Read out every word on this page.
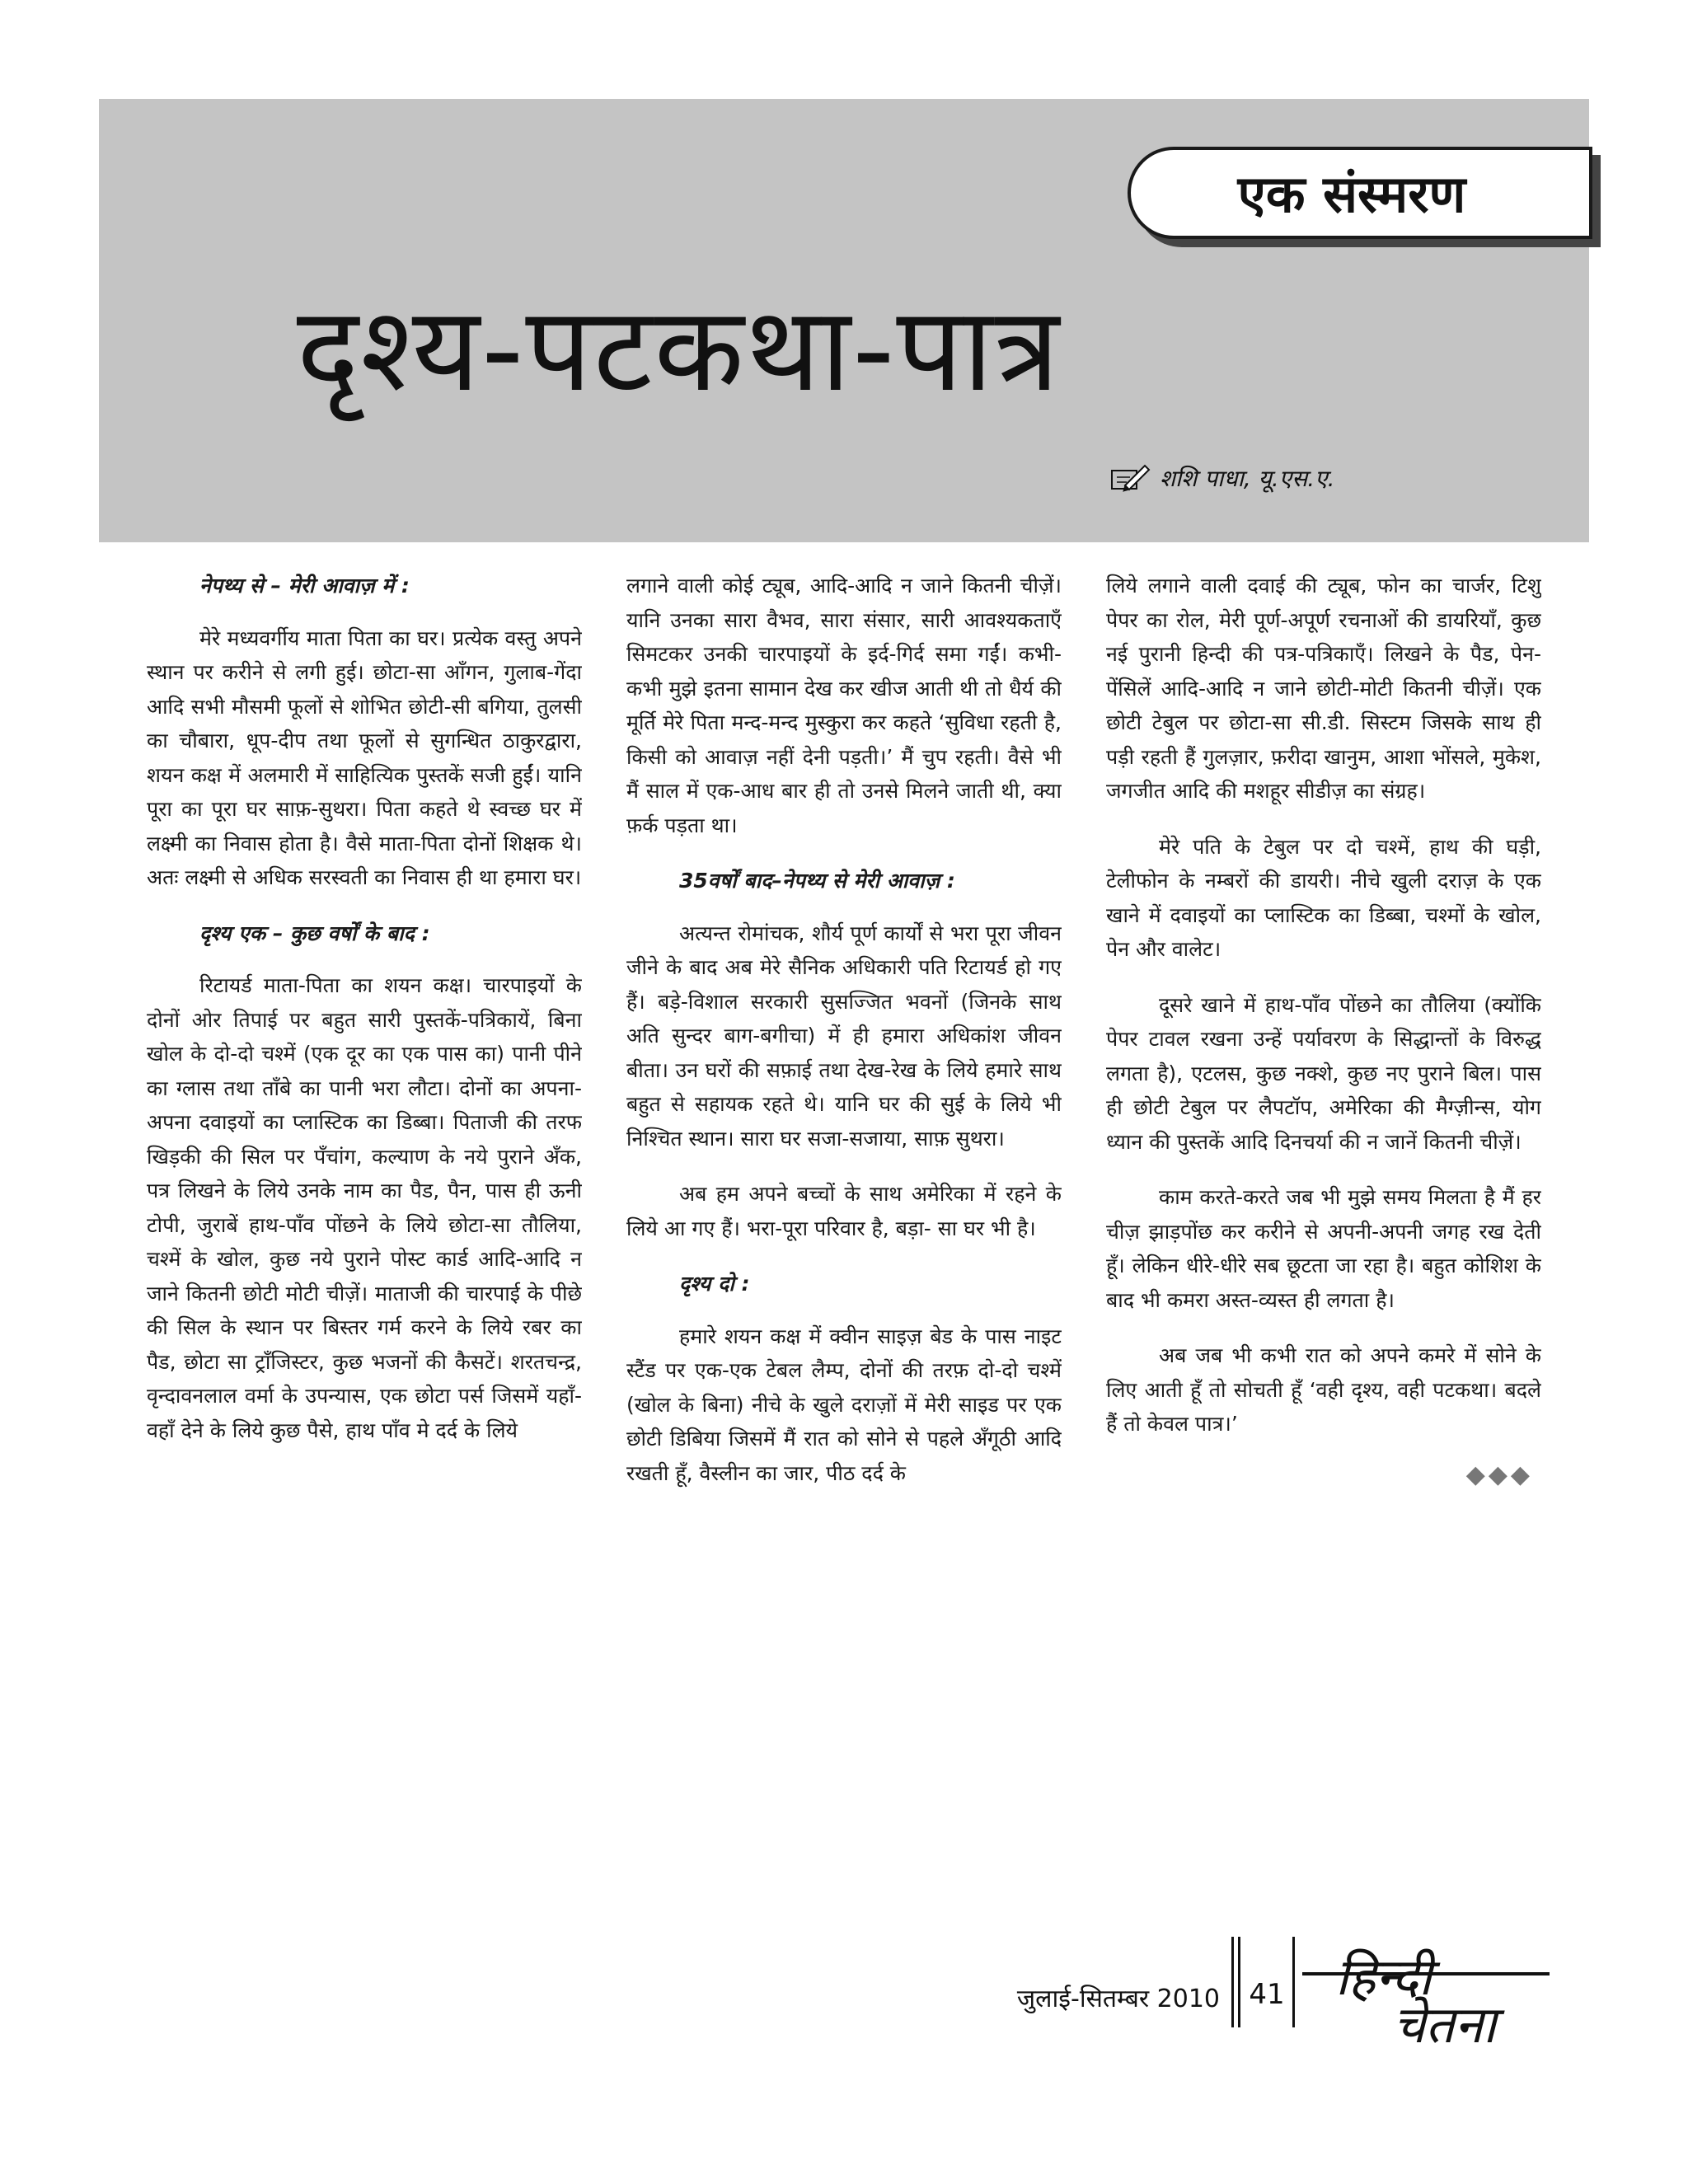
एक संस्मरण
दृश्य-पटकथा-पात्र
शशि पाधा, यू.एस.ए.
नेपथ्य से – मेरी आवाज़ में :

मेरे मध्यवर्गीय माता पिता का घर। प्रत्येक वस्तु अपने स्थान पर करीने से लगी हुई। छोटा-सा आँगन, गुलाब-गेंदा आदि सभी मौसमी फूलों से शोभित छोटी-सी बगिया, तुलसी का चौबारा, धूप-दीप तथा फूलों से सुगन्धित ठाकुरद्वारा, शयन कक्ष में अलमारी में साहित्यिक पुस्तकें सजी हुईं। यानि पूरा का पूरा घर साफ़-सुथरा। पिता कहते थे स्वच्छ घर में लक्ष्मी का निवास होता है। वैसे माता-पिता दोनों शिक्षक थे। अतः लक्ष्मी से अधिक सरस्वती का निवास ही था हमारा घर।

दृश्य एक – कुछ वर्षों के बाद :

रिटायर्ड माता-पिता का शयन कक्ष। चारपाइयों के दोनों ओर तिपाई पर बहुत सारी पुस्तकें-पत्रिकायें, बिना खोल के दो-दो चश्में (एक दूर का एक पास का) पानी पीने का ग्लास तथा ताँबे का पानी भरा लौटा। दोनों का अपना-अपना दवाइयों का प्लास्टिक का डिब्बा। पिताजी की तरफ खिड़की की सिल पर पँचांग, कल्याण के नये पुराने अँक, पत्र लिखने के लिये उनके नाम का पैड, पैन, पास ही ऊनी टोपी, जुराबें हाथ-पाँव पोंछने के लिये छोटा-सा तौलिया, चश्में के खोल, कुछ नये पुराने पोस्ट कार्ड आदि-आदि न जाने कितनी छोटी मोटी चीज़ें। माताजी की चारपाई के पीछे की सिल के स्थान पर बिस्तर गर्म करने के लिये रबर का पैड, छोटा सा ट्राँजिस्टर, कुछ भजनों की कैसटें। शरतचन्द्र, वृन्दावनलाल वर्मा के उपन्यास, एक छोटा पर्स जिसमें यहाँ-वहाँ देने के लिये कुछ पैसे, हाथ पाँव मे दर्द के लिये

लगाने वाली कोई ट्यूब, आदि-आदि न जाने कितनी चीज़ें। यानि उनका सारा वैभव, सारा संसार, सारी आवश्यकताएँ सिमटकर उनकी चारपाइयों के इर्द-गिर्द समा गईं। कभी-कभी मुझे इतना सामान देख कर खीज आती थी तो धैर्य की मूर्ति मेरे पिता मन्द-मन्द मुस्कुरा कर कहते ‘सुविधा रहती है, किसी को आवाज़ नहीं देनी पड़ती।’ मैं चुप रहती। वैसे भी मैं साल में एक-आध बार ही तो उनसे मिलने जाती थी, क्या फ़र्क पड़ता था।

35वर्षों बाद–नेपथ्य से मेरी आवाज़ :

अत्यन्त रोमांचक, शौर्य पूर्ण कार्यों से भरा पूरा जीवन जीने के बाद अब मेरे सैनिक अधिकारी पति रिटायर्ड हो गए हैं। बड़े-विशाल सरकारी सुसज्जित भवनों (जिनके साथ अति सुन्दर बाग-बगीचा) में ही हमारा अधिकांश जीवन बीता। उन घरों की सफ़ाई तथा देख-रेख के लिये हमारे साथ बहुत से सहायक रहते थे। यानि घर की सुई के लिये भी निश्चित स्थान। सारा घर सजा-सजाया, साफ़ सुथरा।

अब हम अपने बच्चों के साथ अमेरिका में रहने के लिये आ गए हैं। भरा-पूरा परिवार है, बड़ा- सा घर भी है।

दृश्य दो :

हमारे शयन कक्ष में क्वीन साइज़ बेड के पास नाइट स्टैंड पर एक-एक टेबल लैम्प, दोनों की तरफ़ दो-दो चश्में (खोल के बिना) नीचे के खुले दराज़ों में मेरी साइड पर एक छोटी डिबिया जिसमें मैं रात को सोने से पहले अँगूठी आदि रखती हूँ, वैस्लीन का जार, पीठ दर्द के

लिये लगाने वाली दवाई की ट्यूब, फोन का चार्जर, टिशु पेपर का रोल, मेरी पूर्ण-अपूर्ण रचनाओं की डायरियाँ, कुछ नई पुरानी हिन्दी की पत्र-पत्रिकाएँ। लिखने के पैड, पेन-पेंसिलें आदि-आदि न जाने छोटी-मोटी कितनी चीज़ें। एक छोटी टेबुल पर छोटा-सा सी.डी. सिस्टम जिसके साथ ही पड़ी रहती हैं गुलज़ार, फ़रीदा खानुम, आशा भोंसले, मुकेश, जगजीत आदि की मशहूर सीडीज़ का संग्रह।

मेरे पति के टेबुल पर दो चश्में, हाथ की घड़ी, टेलीफोन के नम्बरों की डायरी। नीचे खुली दराज़ के एक खाने में दवाइयों का प्लास्टिक का डिब्बा, चश्मों के खोल, पेन और वालेट।

दूसरे खाने में हाथ-पाँव पोंछने का तौलिया (क्योंकि पेपर टावल रखना उन्हें पर्यावरण के सिद्धान्तों के विरुद्ध लगता है), एटलस, कुछ नक्शे, कुछ नए पुराने बिल। पास ही छोटी टेबुल पर लैपटॉप, अमेरिका की मैग्ज़ीन्स, योग ध्यान की पुस्तकें आदि दिनचर्या की न जानें कितनी चीज़ें।

काम करते-करते जब भी मुझे समय मिलता है मैं हर चीज़ झाड़पोंछ कर करीने से अपनी-अपनी जगह रख देती हूँ। लेकिन धीरे-धीरे सब छूटता जा रहा है। बहुत कोशिश के बाद भी कमरा अस्त-व्यस्त ही लगता है।

अब जब भी कभी रात को अपने कमरे में सोने के लिए आती हूँ तो सोचती हूँ ‘वही दृश्य, वही पटकथा। बदले हैं तो केवल पात्र।’

◆◆◆
जुलाई-सितम्बर 2010 41 हिन्दी
चेतना
